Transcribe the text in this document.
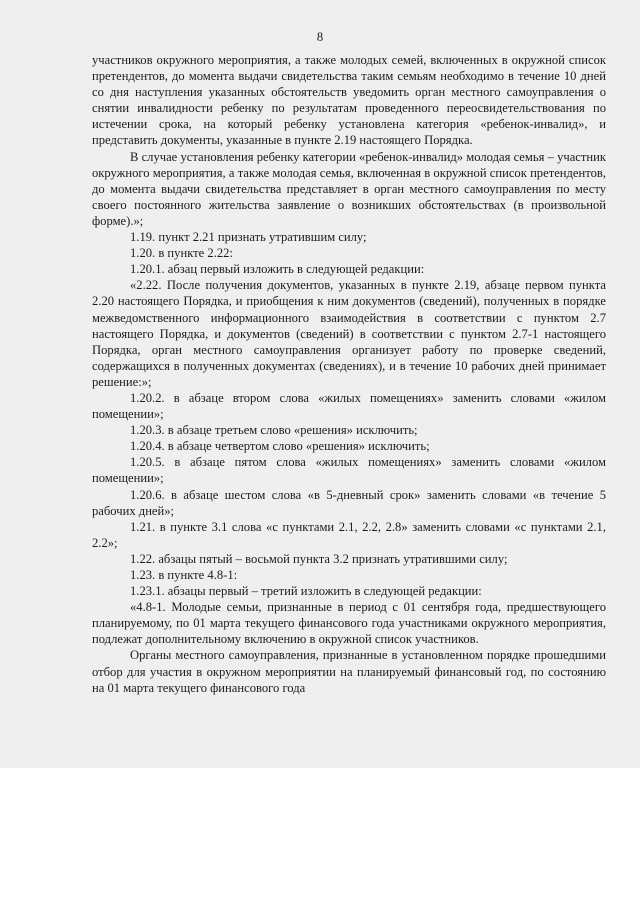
8

участников окружного мероприятия, а также молодых семей, включенных в окружной список претендентов, до момента выдачи свидетельства таким семьям необходимо в течение 10 дней со дня наступления указанных обстоятельств уведомить орган местного самоуправления о снятии инвалидности ребенку по результатам проведенного переосвидетельствования по истечении срока, на который ребенку установлена категория «ребенок-инвалид», и представить документы, указанные в пункте 2.19 настоящего Порядка.

В случае установления ребенку категории «ребенок-инвалид» молодая семья – участник окружного мероприятия, а также молодая семья, включенная в окружной список претендентов, до момента выдачи свидетельства представляет в орган местного самоуправления по месту своего постоянного жительства заявление о возникших обстоятельствах (в произвольной форме).»;

1.19. пункт 2.21 признать утратившим силу;

1.20. в пункте 2.22:

1.20.1. абзац первый изложить в следующей редакции:

«2.22. После получения документов, указанных в пункте 2.19, абзаце первом пункта 2.20 настоящего Порядка, и приобщения к ним документов (сведений), полученных в порядке межведомственного информационного взаимодействия в соответствии с пунктом 2.7 настоящего Порядка, и документов (сведений) в соответствии с пунктом 2.7-1 настоящего Порядка, орган местного самоуправления организует работу по проверке сведений, содержащихся в полученных документах (сведениях), и в течение 10 рабочих дней принимает решение:»;

1.20.2. в абзаце втором слова «жилых помещениях» заменить словами «жилом помещении»;

1.20.3. в абзаце третьем слово «решения» исключить;

1.20.4. в абзаце четвертом слово «решения» исключить;

1.20.5. в абзаце пятом слова «жилых помещениях» заменить словами «жилом помещении»;

1.20.6. в абзаце шестом слова «в 5-дневный срок» заменить словами «в течение 5 рабочих дней»;

1.21. в пункте 3.1 слова «с пунктами 2.1, 2.2, 2.8» заменить словами «с пунктами 2.1, 2.2»;

1.22. абзацы пятый – восьмой пункта 3.2 признать утратившими силу;

1.23. в пункте 4.8-1:

1.23.1. абзацы первый – третий изложить в следующей редакции:

«4.8-1. Молодые семьи, признанные в период с 01 сентября года, предшествующего планируемому, по 01 марта текущего финансового года участниками окружного мероприятия, подлежат дополнительному включению в окружной список участников.

Органы местного самоуправления, признанные в установленном порядке прошедшими отбор для участия в окружном мероприятии на планируемый финансовый год, по состоянию на 01 марта текущего финансового года
